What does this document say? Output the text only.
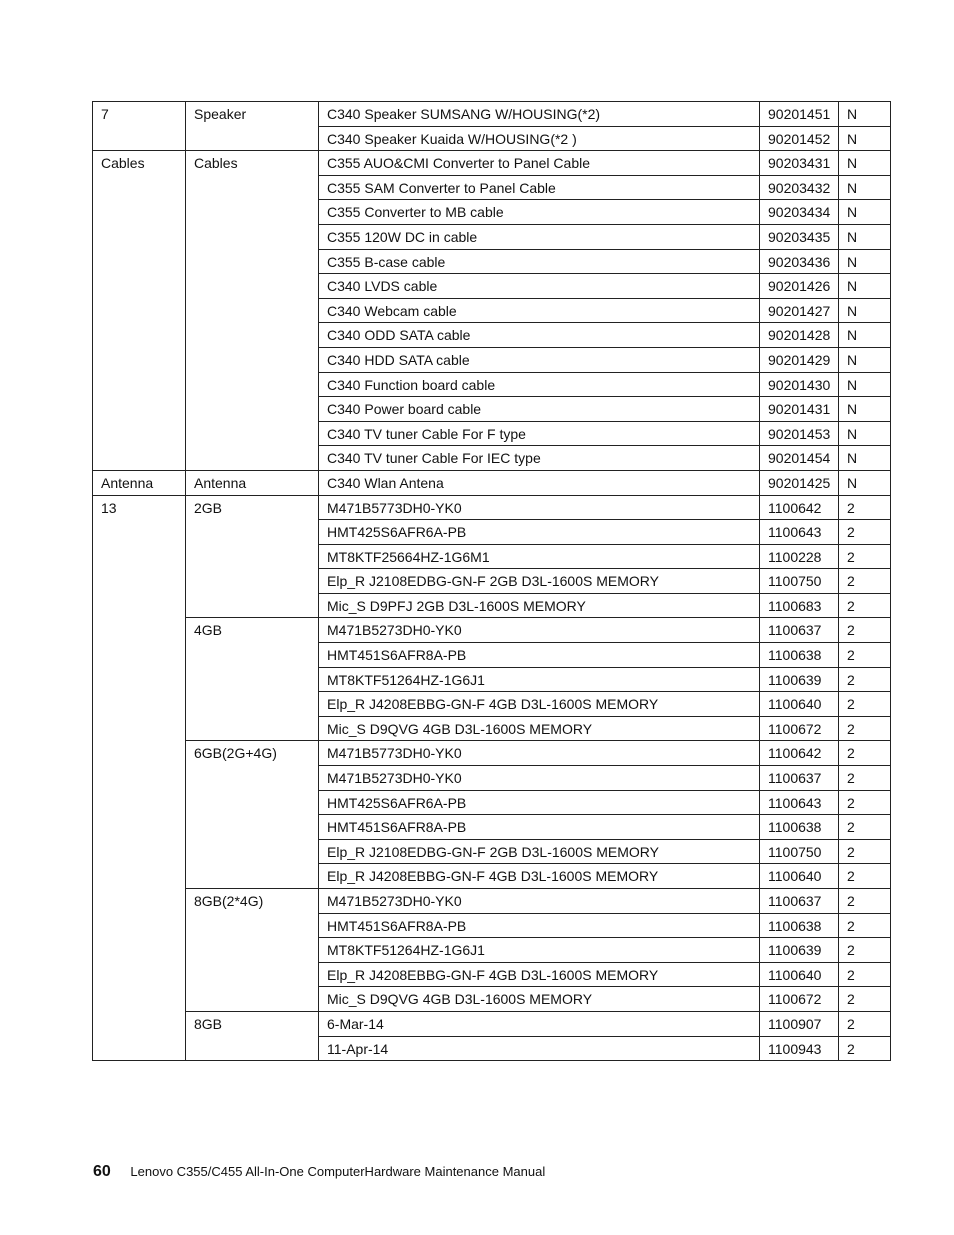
7	Speaker	C340 Speaker SUMSANG W/HOUSING(*2)	90201451	N
		C340 Speaker Kuaida W/HOUSING(*2 )	90201452	N
Cables	Cables	C355 AUO&CMI Converter to Panel Cable	90203431	N
		C355 SAM Converter to Panel Cable	90203432	N
		C355 Converter to MB cable	90203434	N
		C355 120W DC in cable	90203435	N
		C355 B-case cable	90203436	N
		C340 LVDS cable	90201426	N
		C340 Webcam cable	90201427	N
		C340 ODD SATA cable	90201428	N
		C340 HDD SATA cable	90201429	N
		C340 Function board cable	90201430	N
		C340 Power board cable	90201431	N
		C340 TV tuner Cable For F type	90201453	N
		C340 TV tuner Cable For IEC type	90201454	N
Antenna	Antenna	C340 Wlan Antena	90201425	N
13	2GB	M471B5773DH0-YK0	1100642	2
		HMT425S6AFR6A-PB	1100643	2
		MT8KTF25664HZ-1G6M1	1100228	2
		Elp_R J2108EDBG-GN-F 2GB D3L-1600S MEMORY	1100750	2
		Mic_S D9PFJ 2GB D3L-1600S MEMORY	1100683	2
	4GB	M471B5273DH0-YK0	1100637	2
		HMT451S6AFR8A-PB	1100638	2
		MT8KTF51264HZ-1G6J1	1100639	2
		Elp_R J4208EBBG-GN-F 4GB D3L-1600S MEMORY	1100640	2
		Mic_S D9QVG 4GB D3L-1600S MEMORY	1100672	2
	6GB(2G+4G)	M471B5773DH0-YK0	1100642	2
		M471B5273DH0-YK0	1100637	2
		HMT425S6AFR6A-PB	1100643	2
		HMT451S6AFR8A-PB	1100638	2
		Elp_R J2108EDBG-GN-F 2GB D3L-1600S MEMORY	1100750	2
		Elp_R J4208EBBG-GN-F 4GB D3L-1600S MEMORY	1100640	2
	8GB(2*4G)	M471B5273DH0-YK0	1100637	2
		HMT451S6AFR8A-PB	1100638	2
		MT8KTF51264HZ-1G6J1	1100639	2
		Elp_R J4208EBBG-GN-F 4GB D3L-1600S MEMORY	1100640	2
		Mic_S D9QVG 4GB D3L-1600S MEMORY	1100672	2
	8GB	6-Mar-14	1100907	2
		11-Apr-14	1100943	2
60 Lenovo C355/C455 All-In-One ComputerHardware Maintenance Manual
